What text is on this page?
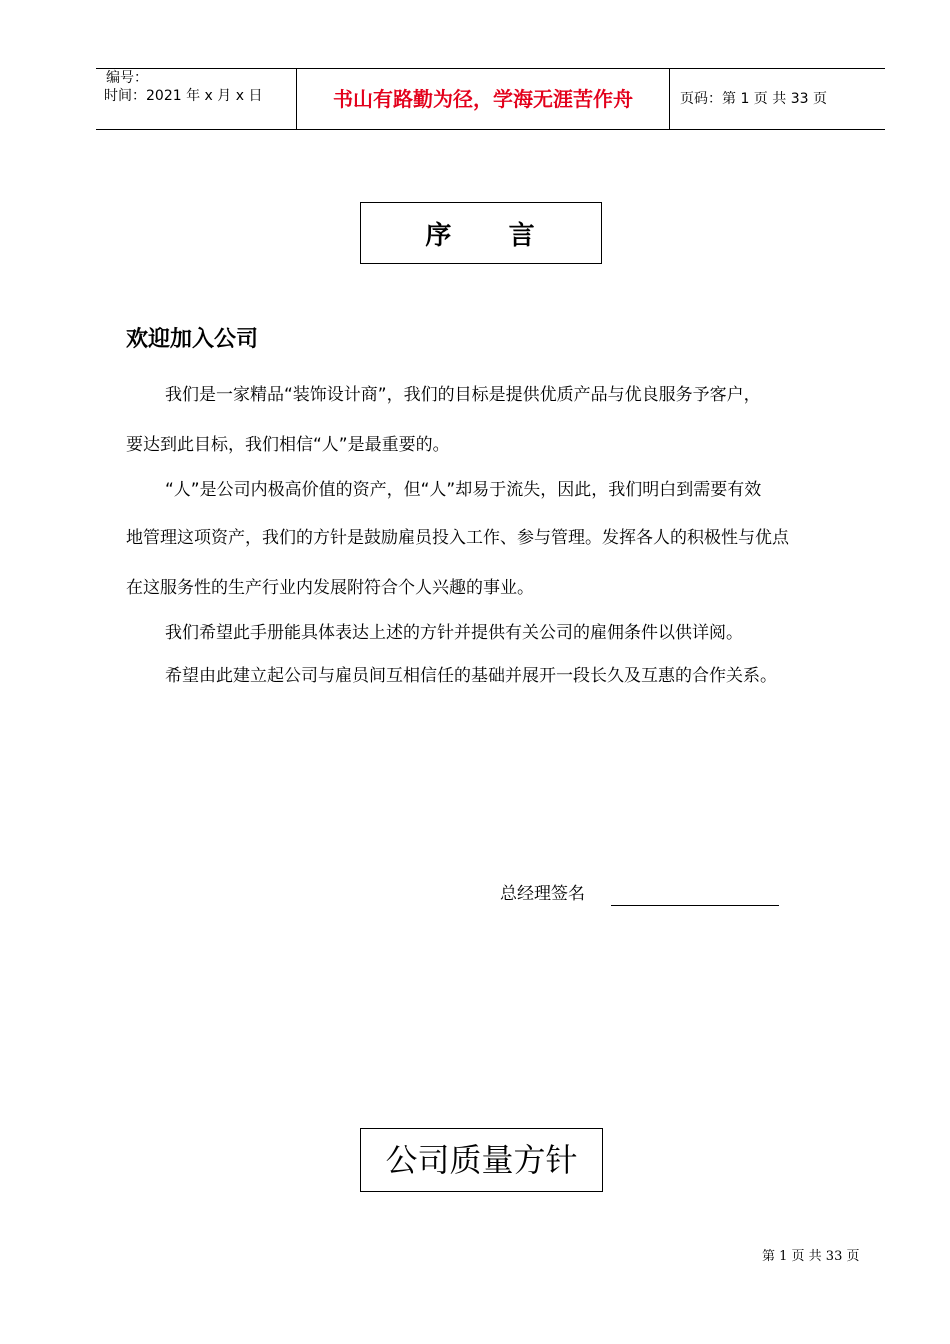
编号：
时间：2021 年 x 月 x 日	书山有路勤为径，学海无涯苦作舟	页码：第 1 页 共 33 页
序     言
欢迎加入公司
我们是一家精品“装饰设计商”，我们的目标是提供优质产品与优良服务予客户，
要达到此目标，我们相信“人”是最重要的。
“人”是公司内极高价值的资产，但“人”却易于流失，因此，我们明白到需要有效
地管理这项资产，我们的方针是鼓励雇员投入工作、参与管理。发挥各人的积极性与优点
在这服务性的生产行业内发展附符合个人兴趣的事业。
我们希望此手册能具体表达上述的方针并提供有关公司的雇佣条件以供详阅。
希望由此建立起公司与雇员间互相信任的基础并展开一段长久及互惠的合作关系。
总经理签名
公司质量方针
第 1 页 共 33 页
